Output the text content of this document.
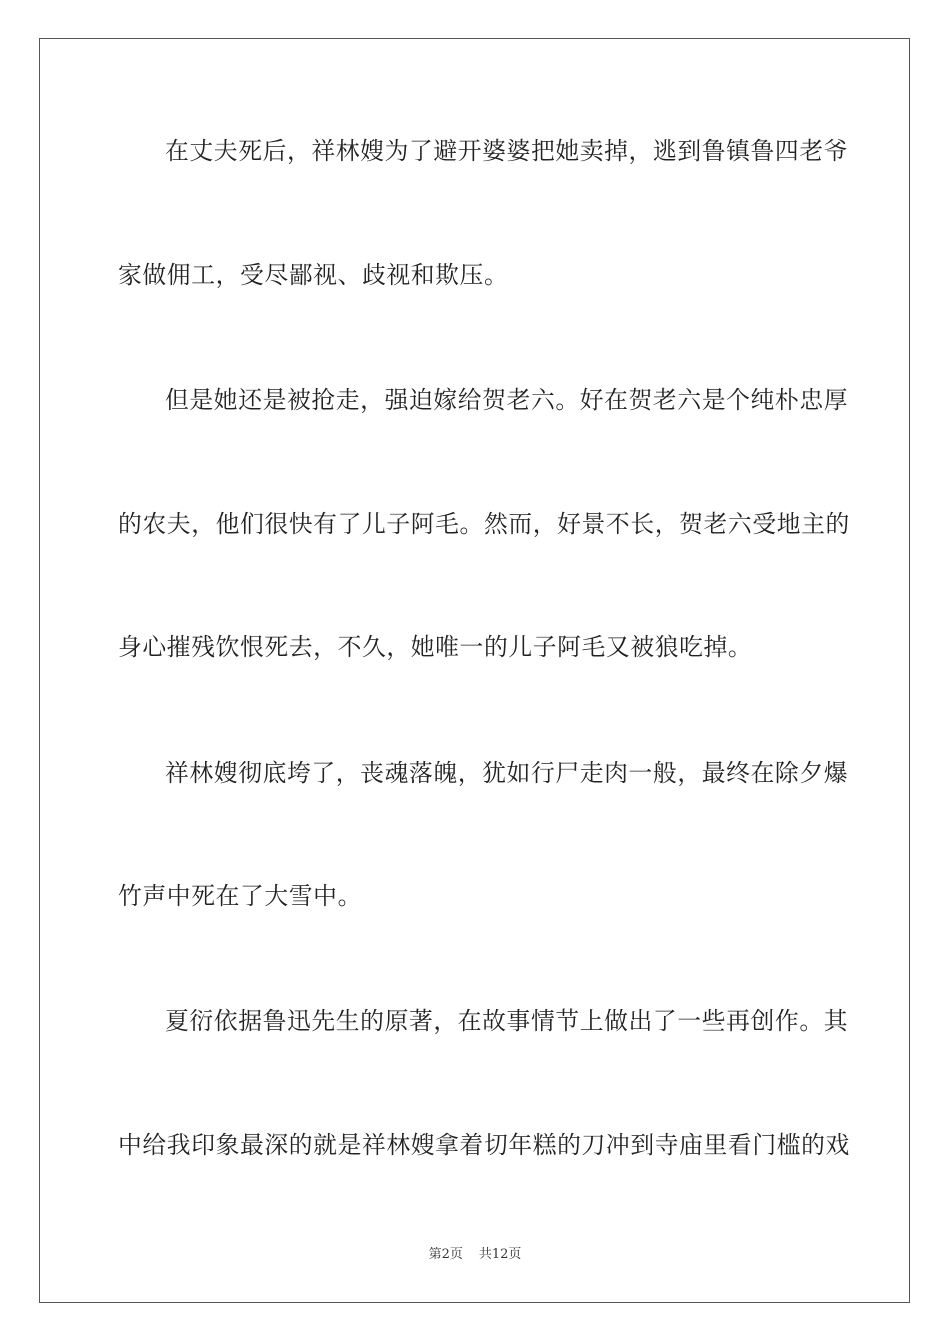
在丈夫死后，祥林嫂为了避开婆婆把她卖掉，逃到鲁镇鲁四老爷
家做佣工，受尽鄙视、歧视和欺压。
但是她还是被抢走，强迫嫁给贺老六。好在贺老六是个纯朴忠厚
的农夫，他们很快有了儿子阿毛。然而，好景不长，贺老六受地主的
身心摧残饮恨死去，不久，她唯一的儿子阿毛又被狼吃掉。
祥林嫂彻底垮了，丧魂落魄，犹如行尸走肉一般，最终在除夕爆
竹声中死在了大雪中。
夏衍依据鲁迅先生的原著，在故事情节上做出了一些再创作。其
中给我印象最深的就是祥林嫂拿着切年糕的刀冲到寺庙里看门槛的戏
第2页 共12页
